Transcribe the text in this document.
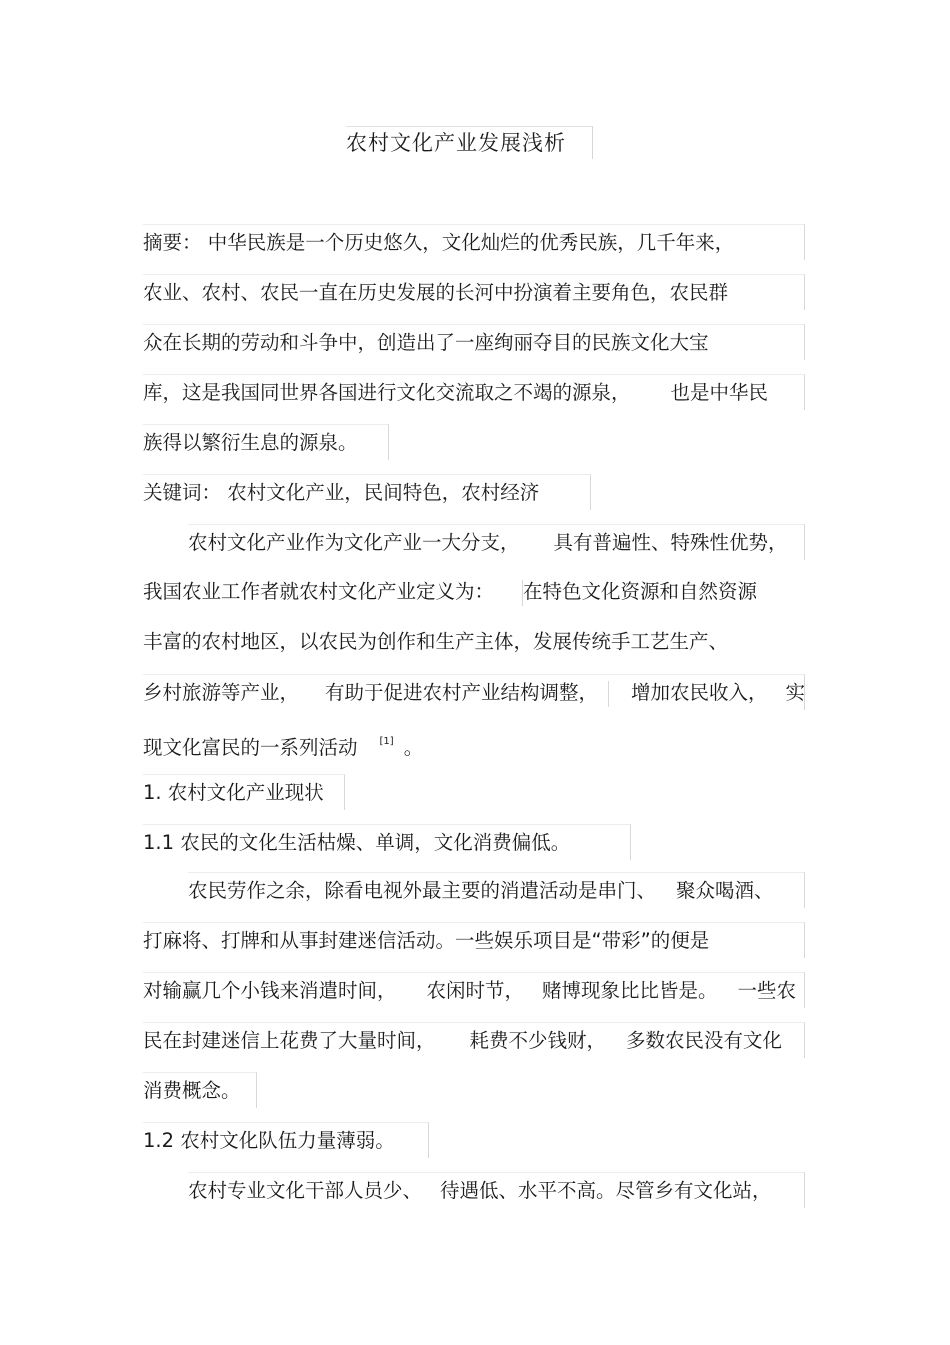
农村文化产业发展浅析
摘要： 中华民族是一个历史悠久，文化灿烂的优秀民族，几千年来，
农业、农村、农民一直在历史发展的长河中扮演着主要角色，农民群
众在长期的劳动和斗争中，创造出了一座绚丽夺目的民族文化大宝
库，这是我国同世界各国进行文化交流取之不竭的源泉， 也是中华民
族得以繁衍生息的源泉。
关键词： 农村文化产业，民间特色，农村经济
农村文化产业作为文化产业一大分支， 具有普遍性、特殊性优势，
我国农业工作者就农村文化产业定义为： 在特色文化资源和自然资源
丰富的农村地区，以农民为创作和生产主体，发展传统手工艺生产、
乡村旅游等产业， 有助于促进农村产业结构调整， 增加农民收入， 实
现文化富民的一系列活动 [1] 。
1. 农村文化产业现状
1.1 农民的文化生活枯燥、单调，文化消费偏低。
农民劳作之余，除看电视外最主要的消遣活动是串门、 聚众喝酒、
打麻将、打牌和从事封建迷信活动。一些娱乐项目是“带彩”的便是
对输赢几个小钱来消遣时间， 农闲时节， 赌博现象比比皆是。 一些农
民在封建迷信上花费了大量时间， 耗费不少钱财， 多数农民没有文化
消费概念。
1.2 农村文化队伍力量薄弱。
农村专业文化干部人员少、 待遇低、水平不高。尽管乡有文化站，
